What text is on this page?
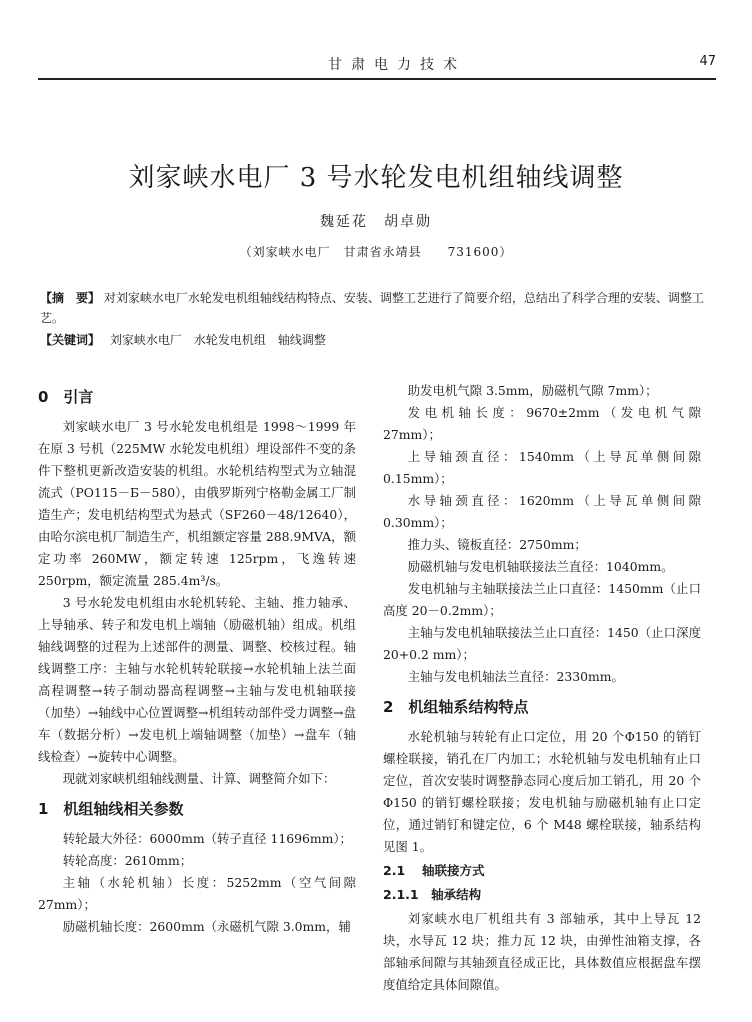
甘肃电力技术	47
刘家峡水电厂 3 号水轮发电机组轴线调整
魏延花　胡卓勋
（刘家峡水电厂　甘肃省永靖县　　731600）
【摘　要】 对刘家峡水电厂水轮发电机组轴线结构特点、安装、调整工艺进行了简要介绍，总结出了科学合理的安装、调整工艺。
【关键词】 刘家峡水电厂　水轮发电机组　轴线调整
0　引言

刘家峡水电厂 3 号水轮发电机组是 1998～1999 年在原 3 号机（225MW 水轮发电机组）埋设部件不变的条件下整机更新改造安装的机组。水轮机结构型式为立轴混流式（PO115－Б－580），由俄罗斯列宁格勒金属工厂制造生产；发电机结构型式为悬式（SF260－48/12640），由哈尔滨电机厂制造生产，机组额定容量 288.9MVA，额定功率 260MW，额定转速 125rpm，飞逸转速 250rpm，额定流量 285.4m³/s。

3 号水轮发电机组由水轮机转轮、主轴、推力轴承、上导轴承、转子和发电机上端轴（励磁机轴）组成。机组轴线调整的过程为上述部件的测量、调整、校核过程。轴线调整工序：主轴与水轮机转轮联接→水轮机轴上法兰面高程调整→转子制动器高程调整→主轴与发电机轴联接（加垫）→轴线中心位置调整→机组转动部件受力调整→盘车（数据分析）→发电机上端轴调整（加垫）→盘车（轴线检查）→旋转中心调整。

现就刘家峡机组轴线测量、计算、调整简介如下：

1　机组轴线相关参数

转轮最大外径：6000mm（转子直径 11696mm）；

转轮高度：2610mm；

主轴（水轮机轴）长度：5252mm（空气间隙 27mm）；

励磁机轴长度：2600mm（永磁机气隙 3.0mm，辅

助发电机气隙 3.5mm，励磁机气隙 7mm）；

发电机轴长度：9670±2mm（发电机气隙 27mm）；

上导轴颈直径：1540mm（上导瓦单侧间隙 0.15mm）；

水导轴颈直径：1620mm（上导瓦单侧间隙 0.30mm）；

推力头、镜板直径：2750mm；

励磁机轴与发电机轴联接法兰直径：1040mm。

发电机轴与主轴联接法兰止口直径：1450mm（止口高度 20－0.2mm）；

主轴与发电机轴联接法兰止口直径：1450（止口深度 20+0.2 mm）；

主轴与发电机轴法兰直径：2330mm。

2　机组轴系结构特点

水轮机轴与转轮有止口定位，用 20 个Φ150 的销钉螺栓联接，销孔在厂内加工；水轮机轴与发电机轴有止口定位，首次安装时调整静态同心度后加工销孔，用 20 个Φ150 的销钉螺栓联接；发电机轴与励磁机轴有止口定位，通过销钉和键定位，6 个 M48 螺栓联接，轴系结构见图 1。

2.1　 轴联接方式
2.1.1　轴承结构

刘家峡水电厂机组共有 3 部轴承，其中上导瓦 12 块，水导瓦 12 块；推力瓦 12 块，由弹性油箱支撑，各部轴承间隙与其轴颈直径成正比，具体数值应根据盘车摆度值给定具体间隙值。
